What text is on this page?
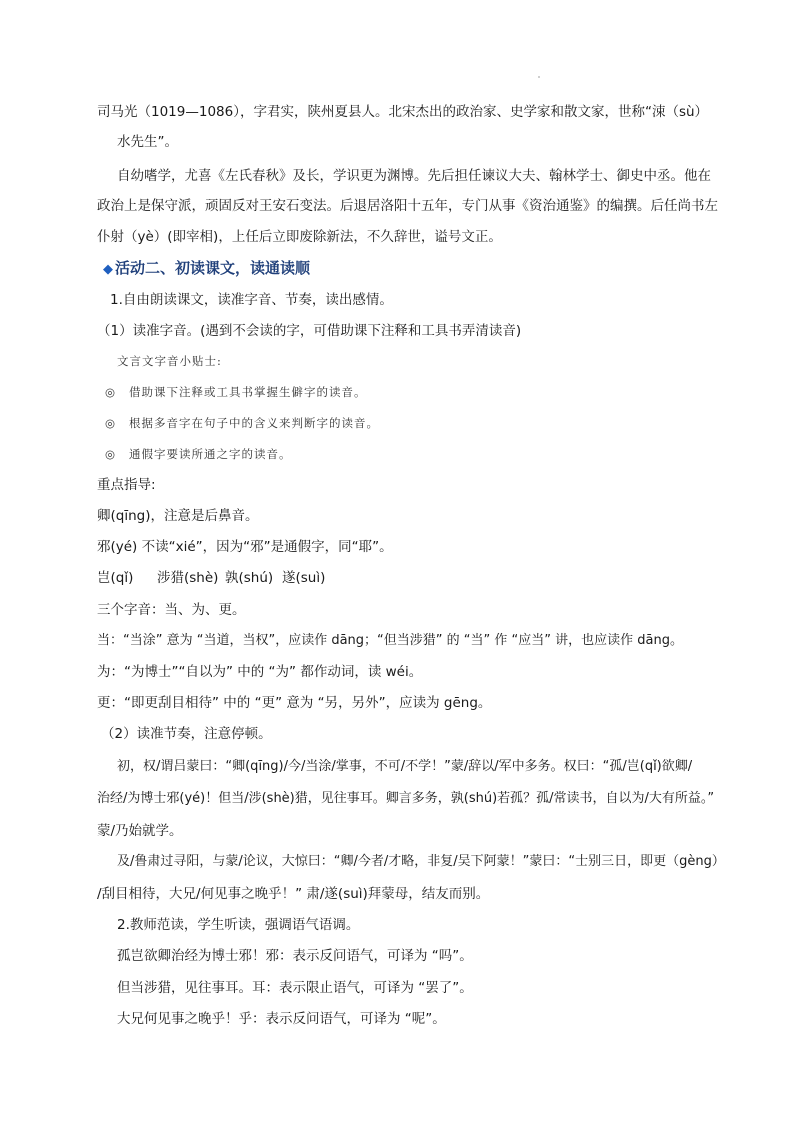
司马光（1019—1086），字君实，陕州夏县人。北宋杰出的政治家、史学家和散文家，世称“涑（sù）
水先生”。
自幼嗜学，尤喜《左氏春秋》及长，学识更为渊博。先后担任谏议大夫、翰林学士、御史中丞。他在
政治上是保守派，顽固反对王安石变法。后退居洛阳十五年，专门从事《资治通鉴》的编撰。后任尚书左
仆射（yè）(即宰相)，上任后立即废除新法，不久辞世，谥号文正。
◆ 活动二、初读课文，读通读顺
1.自由朗读课文，读准字音、节奏，读出感情。
（1）读准字音。(遇到不会读的字，可借助课下注释和工具书弄清读音)
文言文字音小贴士:
◎ 借助课下注释或工具书掌握生僻字的读音。
◎ 根据多音字在句子中的含义来判断字的读音。
◎ 通假字要读所通之字的读音。
重点指导:
卿(qīng)，注意是后鼻音。
邪(yé) 不读“xié”，因为“邪”是通假字，同“耶”。
岂(qǐ) 涉猎(shè) 孰(shú) 遂(suì)
三个字音：当、为、更。
当：“当涂” 意为 “当道，当权”，应读作 dāng；“但当涉猎” 的 “当” 作 “应当” 讲，也应读作 dāng。
为：“为博士”“自以为” 中的 “为” 都作动词，读 wéi。
更：“即更刮目相待” 中的 “更” 意为 “另，另外”，应读为 gēng。
（2）读准节奏，注意停顿。
初，权/谓吕蒙曰：“卿(qīng)/今/当涂/掌事，不可/不学！”蒙/辞以/军中多务。权曰：“孤/岂(qǐ)欲卿/
治经/为博士邪(yé)！但当/涉(shè)猎，见往事耳。卿言多务，孰(shú)若孤？孤/常读书，自以为/大有所益。”
蒙/乃始就学。
及/鲁肃过寻阳，与蒙/论议，大惊曰：“卿/今者/才略，非复/吴下阿蒙！”蒙曰：“士别三日，即更（gèng）
/刮目相待，大兄/何见事之晚乎！” 肃/遂(suì)拜蒙母，结友而别。
2.教师范读，学生听读，强调语气语调。
孤岂欲卿治经为博士邪！邪：表示反问语气，可译为 “吗”。
但当涉猎，见往事耳。耳：表示限止语气，可译为 “罢了”。
大兄何见事之晚乎！乎：表示反问语气，可译为 “呢”。
